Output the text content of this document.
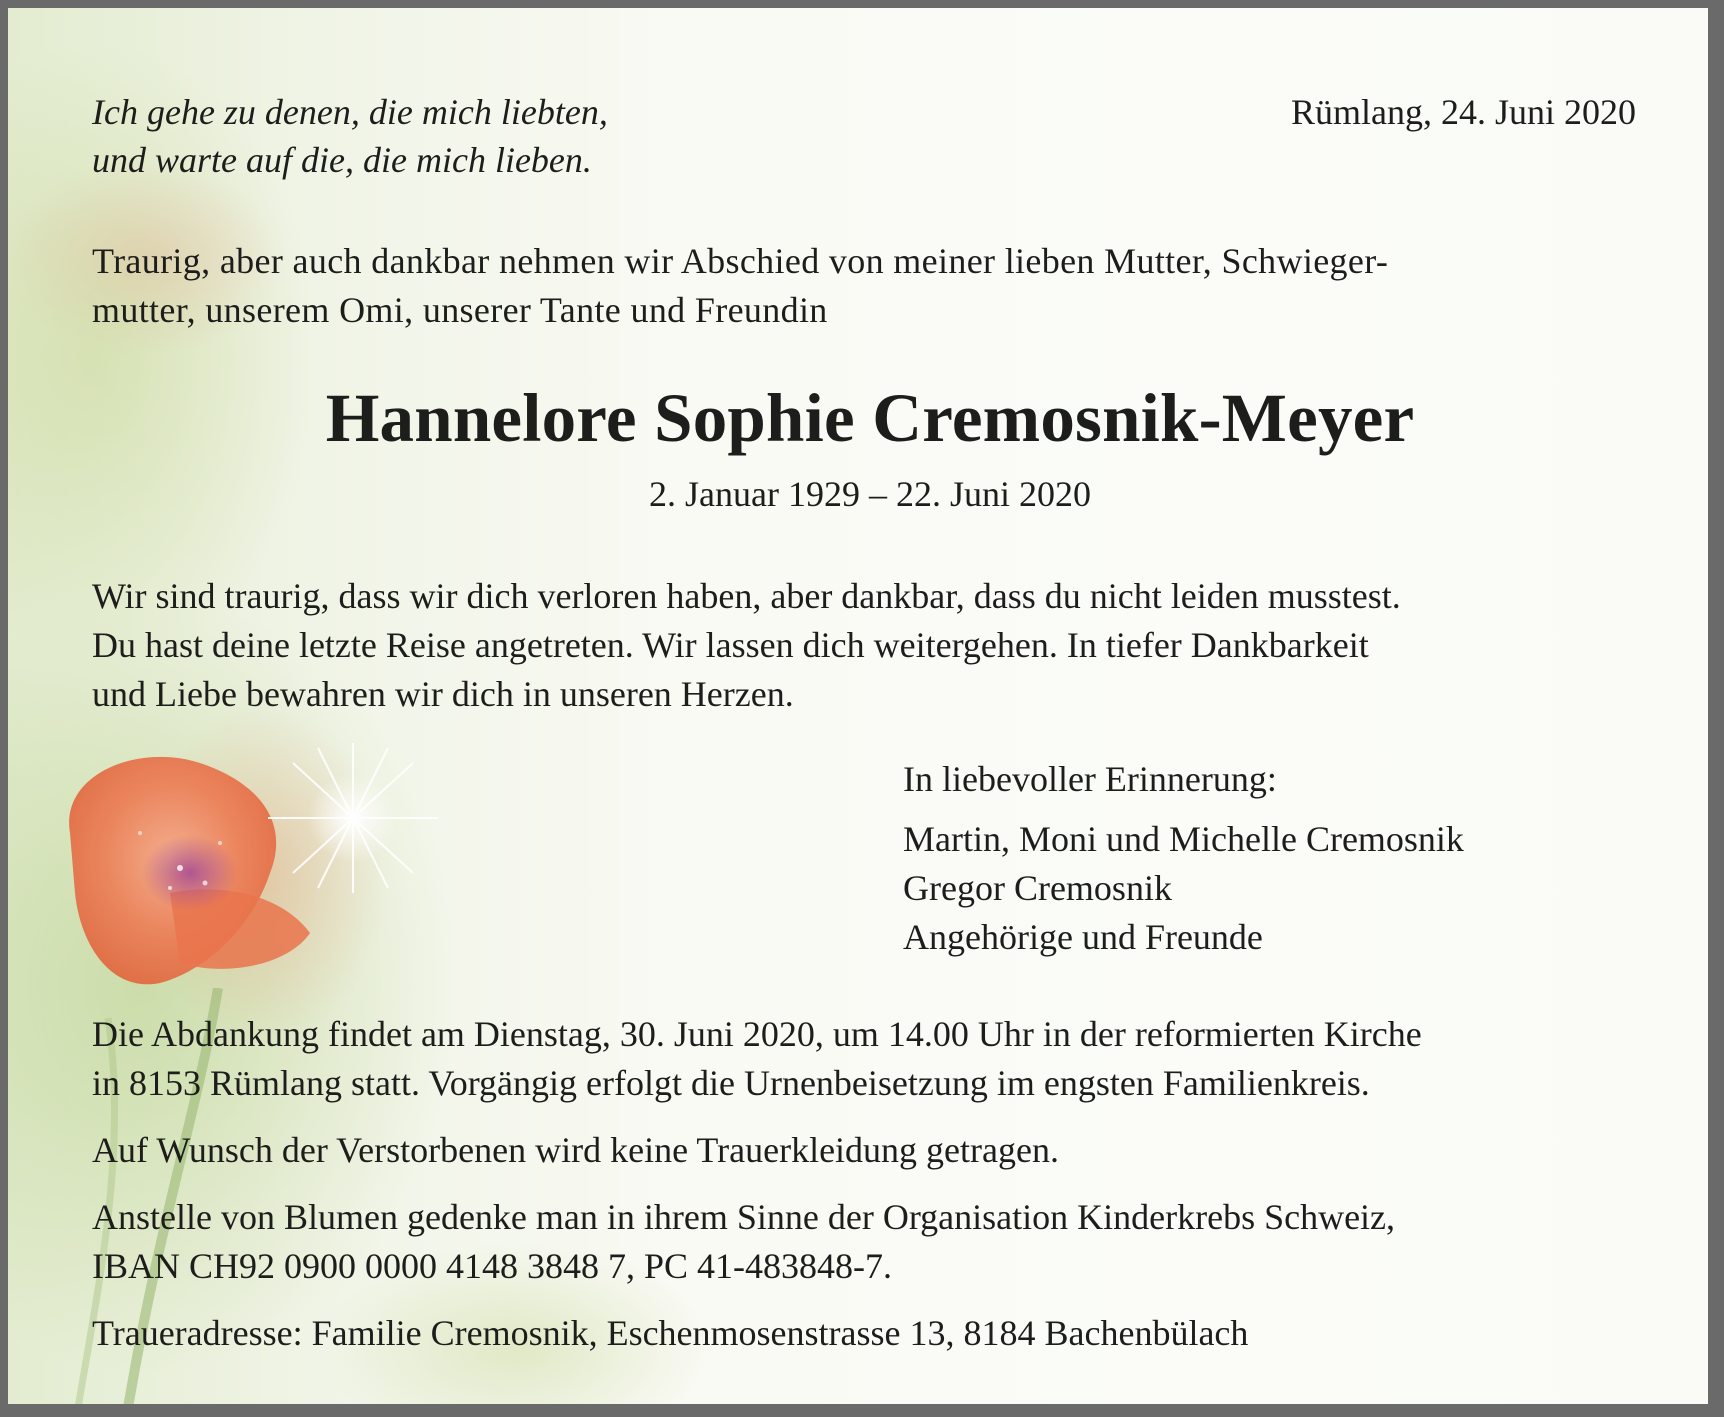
Ich gehe zu denen, die mich liebten,
und warte auf die, die mich lieben.
Rümlang, 24. Juni 2020
Traurig, aber auch dankbar nehmen wir Abschied von meiner lieben Mutter, Schwieger-
mutter, unserem Omi, unserer Tante und Freundin
Hannelore Sophie Cremosnik-Meyer
2. Januar 1929 – 22. Juni 2020
Wir sind traurig, dass wir dich verloren haben, aber dankbar, dass du nicht leiden musstest.
Du hast deine letzte Reise angetreten. Wir lassen dich weitergehen. In tiefer Dankbarkeit
und Liebe bewahren wir dich in unseren Herzen.
In liebevoller Erinnerung:
Martin, Moni und Michelle Cremosnik
Gregor Cremosnik
Angehörige und Freunde
Die Abdankung findet am Dienstag, 30. Juni 2020, um 14.00 Uhr in der reformierten Kirche
in 8153 Rümlang statt. Vorgängig erfolgt die Urnenbeisetzung im engsten Familienkreis.
Auf Wunsch der Verstorbenen wird keine Trauerkleidung getragen.
Anstelle von Blumen gedenke man in ihrem Sinne der Organisation Kinderkrebs Schweiz,
IBAN CH92 0900 0000 4148 3848 7, PC 41-483848-7.
Traueradresse: Familie Cremosnik, Eschenmosenstrasse 13, 8184 Bachenbülach
